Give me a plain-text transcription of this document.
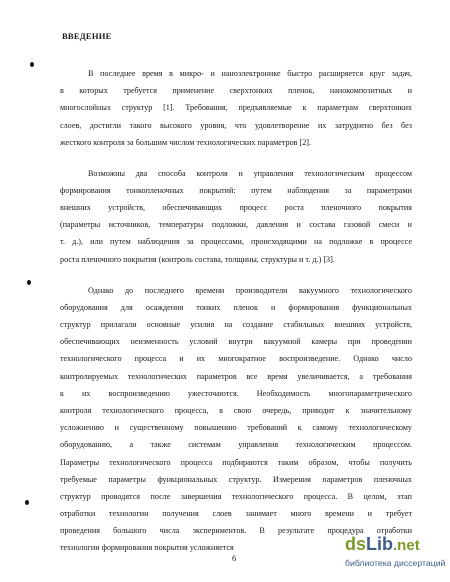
ВВЕДЕНИЕ
В последнее время в микро- и наноэлектронике быстро расширяется круг задач,
в которых требуется применение сверхтонких пленок, нанокомпозитных и
многослойных структур [1]. Требования, предъявляемые к параметрам сверхтонких
слоев, достигли такого высокого уровня, что удовлетворение их затруднено без без
жесткого контроля за большим числом технологических параметров [2].
Возможны два способа контроля и управления технологическим процессом
формирования тонкопленочных покрытий: путем наблюдения за параметрами
внешних устройств, обеспечивающих процесс роста пленочного покрытия
(параметры источников, температуры подложки, давления и состава газовой смеси и
т. д.), или путем наблюдения за процессами, происходящими на подложке в процессе
роста пленочного покрытия (контроль состава, толщины, структуры и т. д.) [3].
Однако до последнего времени производители вакуумного технологического
оборудования для осаждения тонких пленок и формирования функциональных
структур прилагали основные усилия на создание стабильных внешних устройств,
обеспечивающих неизменность условий внутри вакуумной камеры при проведении
технологического процесса и их многократное воспроизведение. Однако число
контролируемых технологических параметров все время увеличивается, а требования
к их воспроизведению ужесточаются. Необходимость многопараметрического
контроля технологического процесса, в свою очередь, приводит к значительному
усложнению и существенному повышению требований к самому технологическому
оборудованию, а также системам управления технологическим процессом.
Параметры технологического процесса подбираются таким образом, чтобы получить
требуемые параметры функциональных структур. Измерения параметров пленочных
структур проводятся после завершения технологического процесса. В целом, этап
отработки технологии получения слоев занимает много времени и требует
проведения большого числа экспериментов. В результате процедура отработки
технологии формирования покрытия усложняется
6
dsLib.net
библиотека диссертаций
